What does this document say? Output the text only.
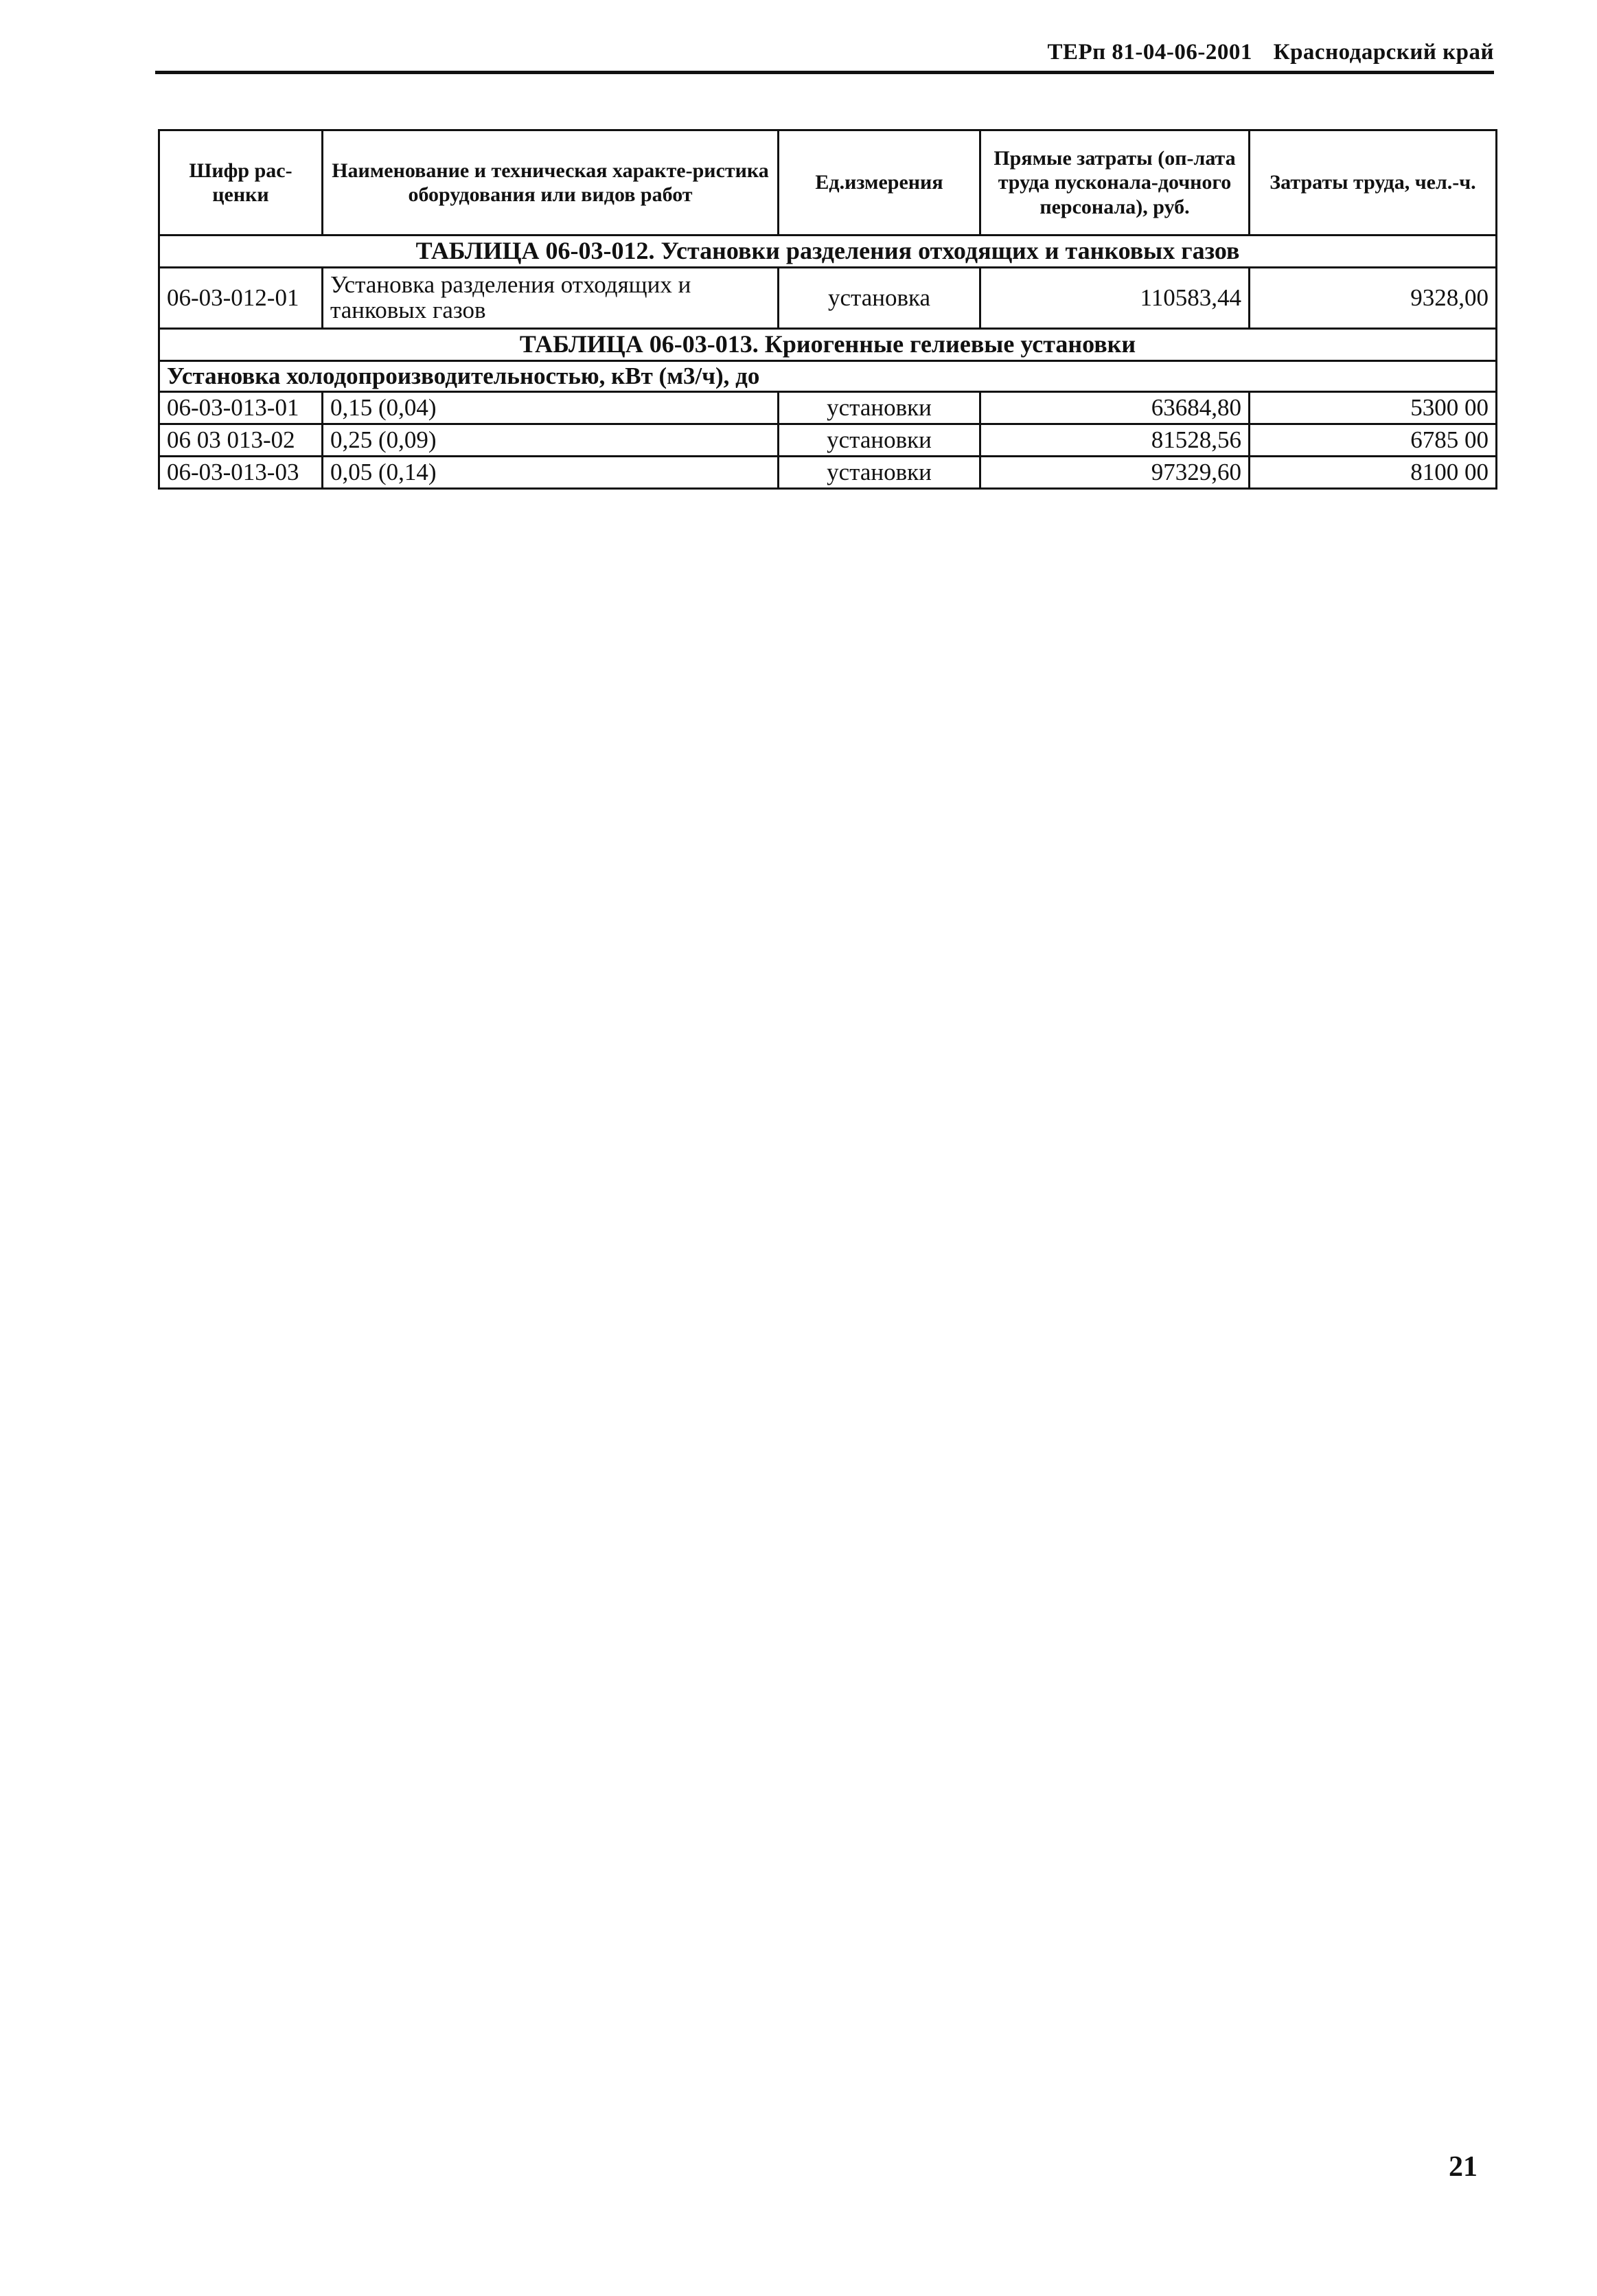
ТЕРп 81-04-06-2001 Краснодарский край
Шифр рас-ценки	Наименование и техническая характе-ристика оборудования или видов работ	Ед.измерения	Прямые затраты (оп-лата труда пусконала-дочного персонала), руб.	Затраты труда, чел.-ч.
ТАБЛИЦА 06-03-012. Установки разделения отходящих и танковых газов				
06-03-012-01	Установка разделения отходящих и танковых газов	установка	110583,44	9328,00
ТАБЛИЦА 06-03-013. Криогенные гелиевые установки				
Установка холодопроизводительностью, кВт (м3/ч), до				
06-03-013-01	0,15 (0,04)	установки	63684,80	5300 00
06 03 013-02	0,25 (0,09)	установки	81528,56	6785 00
06-03-013-03	0,05 (0,14)	установки	97329,60	8100 00
21
